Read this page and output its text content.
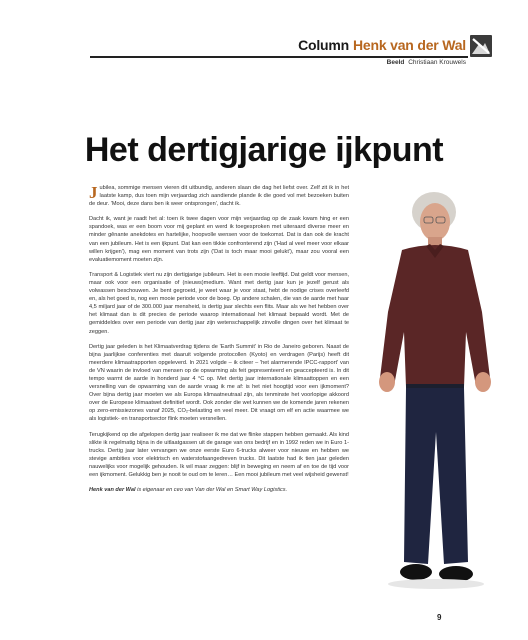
Column Henk van der Wal
Beeld Christiaan Krouwels
Het dertigjarige ijkpunt

Jubilea, sommige mensen vieren dit uitbundig, anderen slaan die dag het liefst over. Zelf zit ik in het laatste kamp, dus toen mijn verjaardag zich aandiende plande ik die goed vol met bezoeken buiten de deur. 'Mooi, deze dans ben ik weer ontsprongen', dacht ik.

Dacht ik, want je raadt het al: toen ik twee dagen voor mijn verjaardag op de zaak kwam hing er een spandoek, was er een boom voor mij geplant en werd ik toegesproken met uiteraard diverse meer en minder gênante anekdotes en hartelijke, hoopvolle wensen voor de toekomst. Dat is dan ook de kracht van een jubileum. Het is een ijkpunt. Dat kan een tikkie confronterend zijn ('Had al veel meer voor elkaar willen krijgen'), mag een moment van trots zijn ('Dat is toch maar mooi gelukt'), maar zou vooral een evaluatiemoment moeten zijn.

Transport & Logistiek viert nu zijn dertigjarige jubileum. Het is een mooie leeftijd. Dat geldt voor mensen, maar ook voor een organisatie of (nieuws)medium. Want met dertig jaar kun je jezelf gerust als volwassen beschouwen. Je bent gegroeid, je weet waar je voor staat, hebt de nodige crises overleefd en, als het goed is, nog een mooie periode voor de boeg. Op andere schalen, die van de aarde met haar 4,5 miljard jaar of de 300.000 jaar mensheid, is dertig jaar slechts een flits. Maar als we het hebben over het klimaat dan is dit precies de periode waarop internationaal het klimaat bepaald wordt. Met de gemiddeldes over een periode van dertig jaar zijn wetenschappelijk zinvolle dingen over het klimaat te zeggen.

Dertig jaar geleden is het Klimaatverdrag tijdens de 'Earth Summit' in Rio de Janeiro geboren. Naast de bijna jaarlijkse conferenties met daaruit volgende protocollen (Kyoto) en verdragen (Parijs) heeft dit meerdere klimaatrapporten opgeleverd. In 2021 volgde – ik citeer – 'het alarmerende IPCC-rapport' van de VN waarin de invloed van mensen op de opwarming als feit gepresenteerd en geaccepteerd is. In dit tempo warmt de aarde in honderd jaar 4 °C op. Met dertig jaar internationale klimaattoppen en een versnelling van de opwarming van de aarde vraag ik me af: is het niet hoogtijd voor een ijkmoment? Over bijna dertig jaar moeten we als Europa klimaatneutraal zijn, als tenminste het voorlopige akkoord over de Europese klimaatwet definitief wordt. Ook zonder die wet kunnen we de komende jaren rekenen op zero-emissiezones vanaf 2025, CO₂-belasting en veel meer. Dit vraagt om elf en actie waarmee we als logistiek- en transportsector flink moeten versnellen.

Terugkijkend op die afgelopen dertig jaar realiseer ik me dat we flinke stappen hebben gemaakt. Als kind slikte ik regelmatig bijna in de uitlaatgassen uit de garage van ons bedrijf en in 1992 reden we in Euro 1-trucks. Dertig jaar later vervangen we onze eerste Euro 6-trucks alweer voor nieuwe en hebben we stevige ambities voor elektrisch en waterstofaangedreven trucks. Dit laatste had ik tien jaar geleden nauwelijks voor mogelijk gehouden. Ik wil maar zeggen: blijf in beweging en neem af en toe de tijd voor een ijkmoment. Gelukkig ben je nooit te oud om te leren… Een mooi jubileum met veel wijsheid gewenst!

Henk van der Wal is eigenaar en ceo van Van der Wal en Smart Way Logistics.

9
